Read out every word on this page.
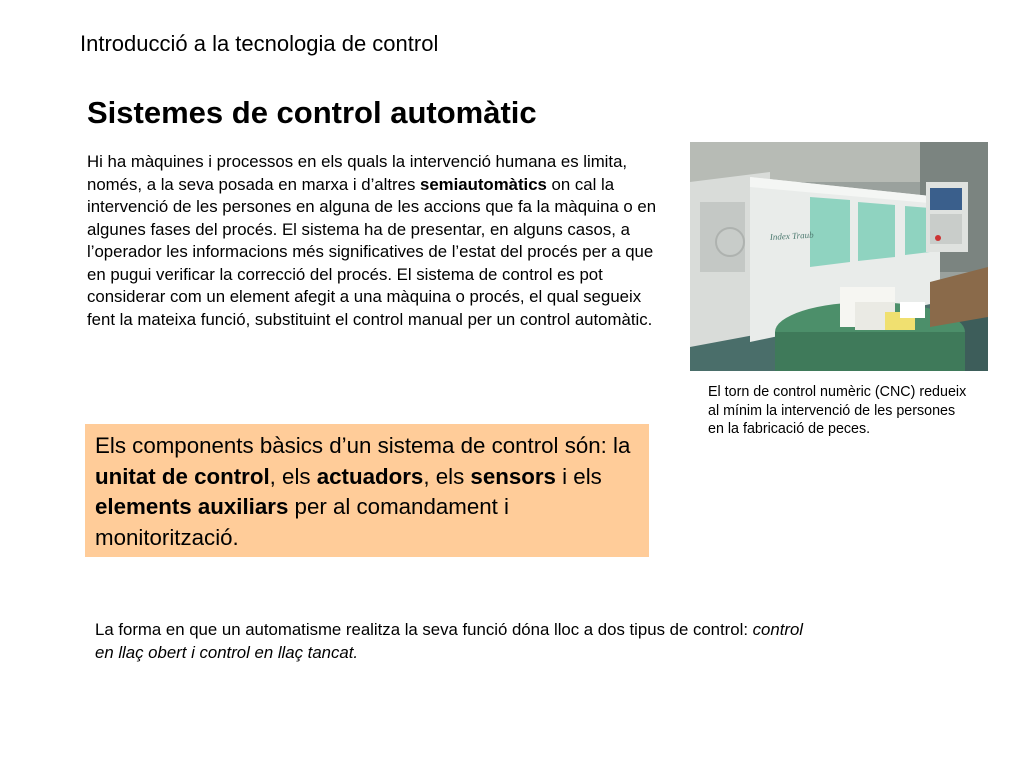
Introducció a la tecnologia de control
Sistemes de control automàtic
Hi ha màquines i processos en els quals la intervenció humana es limita, només, a la seva posada en marxa i d’altres semiautomàtics on cal la intervenció de les persones en alguna de les accions que fa la màquina o en algunes fases del procés. El sistema ha de presentar, en alguns casos, a l’operador les informacions més significatives de l’estat del procés per a que en pugui verificar la correcció del procés. El sistema de control es pot considerar com un element afegit a una màquina o procés, el qual segueix fent la mateixa funció, substituint el control manual per un control automàtic.
Index Traub
El torn de control numèric (CNC) redueix al mínim la intervenció de les persones en la fabricació de peces.
Els components bàsics d’un sistema de control són: la unitat de control, els actuadors, els sensors i els elements auxiliars per al comandament i monitorització.
La forma en que un automatisme realitza la seva funció dóna lloc a dos tipus de control: control en llaç obert i control en llaç tancat.
